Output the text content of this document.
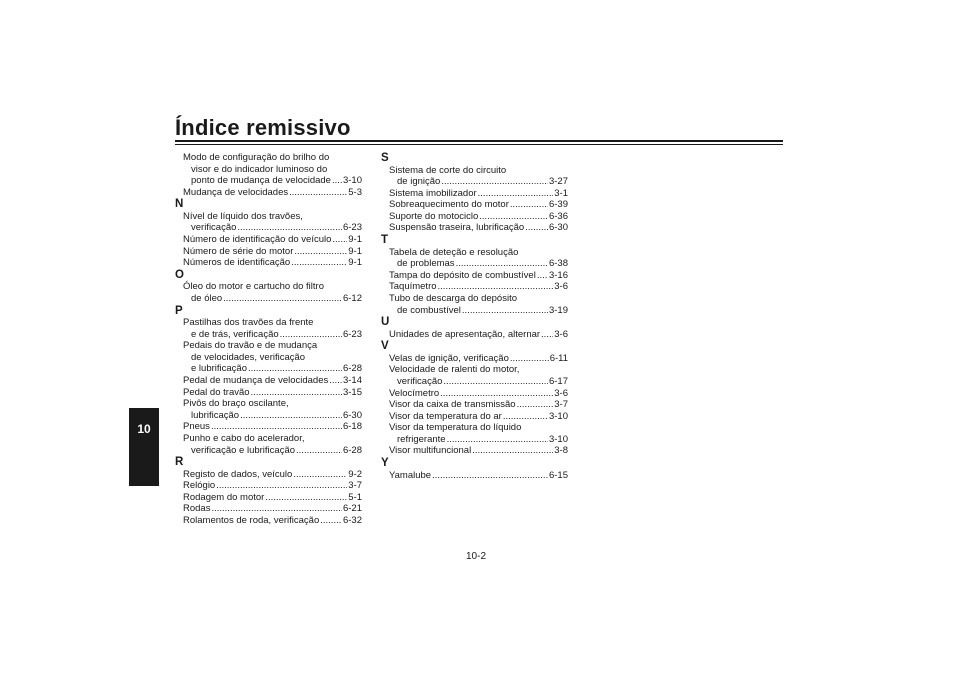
Índice remissivo
10
Modo de configuração do brilho do
visor e do indicador luminoso do
ponto de mudança de velocidade ..... 3-10
Mudança de velocidades .....	5-3
N
Nível de líquido dos travões,
verificação .....	6-23
Número de identificação do veículo ..... 9-1
Número de série do motor .....	9-1
Números de identificação .....	9-1
O
Óleo do motor e cartucho do filtro
de óleo .....	6-12
P
Pastilhas dos travões da frente
e de trás, verificação .....	6-23
Pedais do travão e de mudança
de velocidades, verificação
e lubrificação .....	6-28
Pedal de mudança de velocidades ..... 3-14
Pedal do travão .....	3-15
Pivôs do braço oscilante,
lubrificação .....	6-30
Pneus .....	6-18
Punho e cabo do acelerador,
verificação e lubrificação .....	6-28
R
Registo de dados, veículo .....	9-2
Relógio .....	3-7
Rodagem do motor .....	5-1
Rodas .....	6-21
Rolamentos de roda, verificação ..... 6-32
S
Sistema de corte do circuito
de ignição .....	3-27
Sistema imobilizador .....	3-1
Sobreaquecimento do motor .....	6-39
Suporte do motociclo .....	6-36
Suspensão traseira, lubrificação .....	6-30
T
Tabela de deteção e resolução
de problemas .....	6-38
Tampa do depósito de combustível ..... 3-16
Taquímetro .....	3-6
Tubo de descarga do depósito
de combustível .....	3-19
U
Unidades de apresentação, alternar ..... 3-6
V
Velas de ignição, verificação .....	6-11
Velocidade de ralenti do motor,
verificação .....	6-17
Velocímetro .....	3-6
Visor da caixa de transmissão .....	3-7
Visor da temperatura do ar .....	3-10
Visor da temperatura do líquido
refrigerante .....	3-10
Visor multifuncional .....	3-8
Y
Yamalube .....	6-15
10-2
